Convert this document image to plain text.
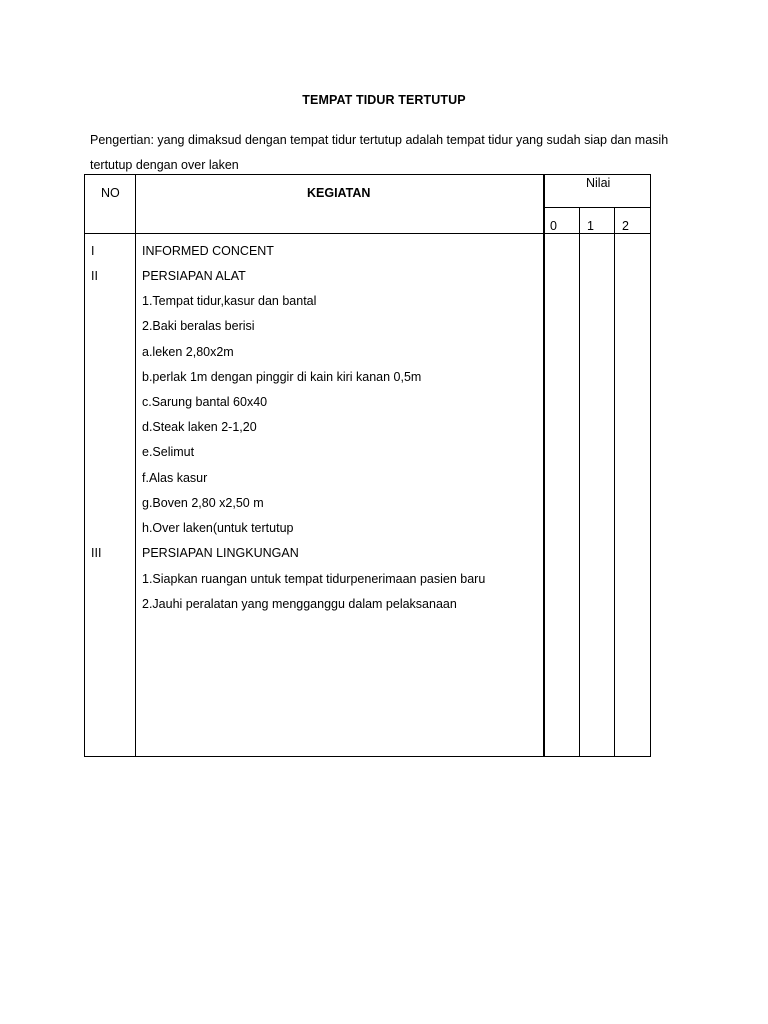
TEMPAT TIDUR TERTUTUP
Pengertian: yang dimaksud dengan tempat tidur tertutup adalah tempat tidur yang sudah siap dan masih
tertutup dengan over laken
NO	KEGIATAN
Nilai
0 1 2
I	INFORMED CONCENT
II	PERSIAPAN ALAT
1.Tempat tidur,kasur dan bantal
2.Baki beralas berisi
a.leken 2,80x2m
b.perlak 1m dengan pinggir di kain kiri kanan 0,5m
c.Sarung bantal 60x40
d.Steak laken 2-1,20
e.Selimut
f.Alas kasur
g.Boven 2,80 x2,50 m
h.Over laken(untuk tertutup
III	PERSIAPAN LINGKUNGAN
1.Siapkan ruangan untuk tempat tidurpenerimaan pasien baru
2.Jauhi peralatan yang mengganggu dalam pelaksanaan
